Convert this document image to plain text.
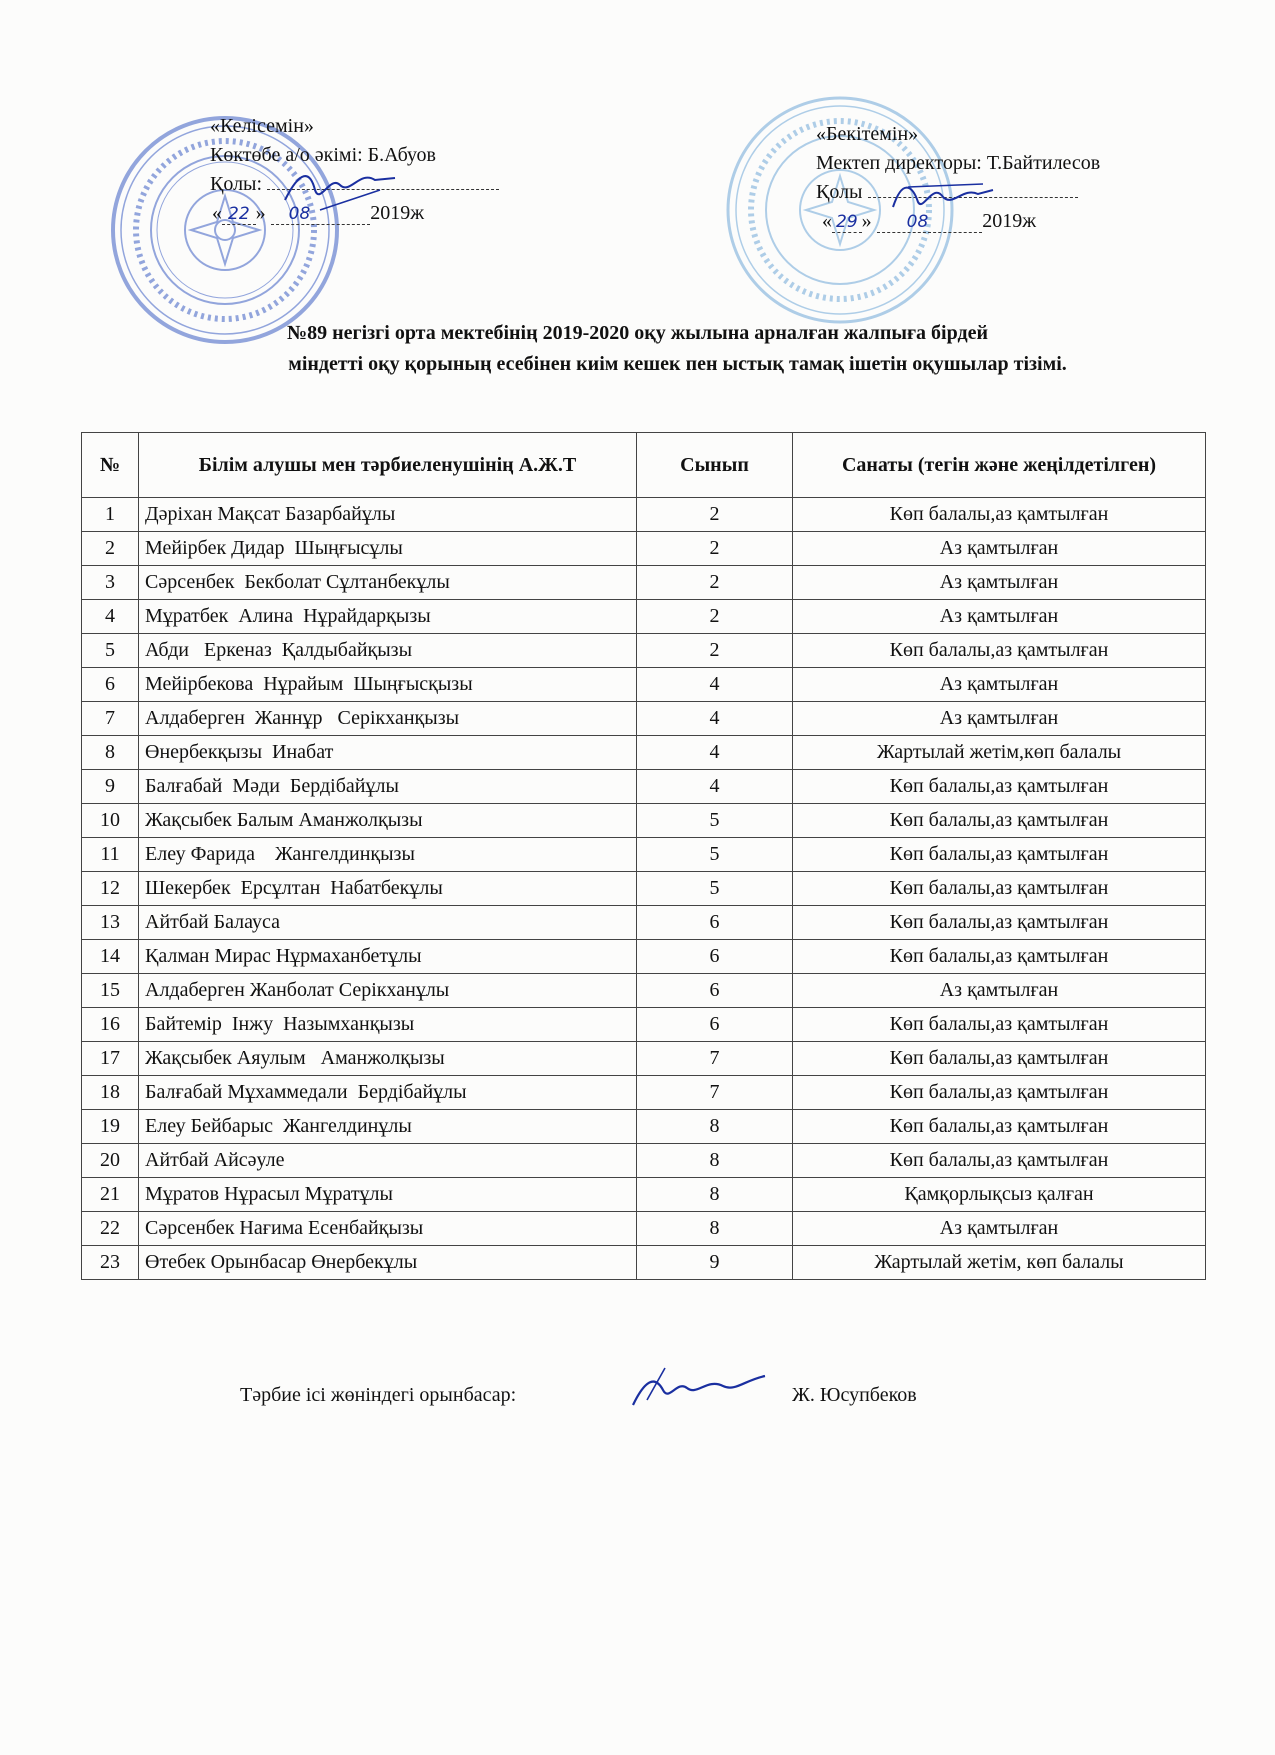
«Келісемін»
Көктөбе а/о әкімі: Б.Абуов
Қолы:
« 22 » 08	2019ж
«Бекітемін»
Мектеп директоры: Т.Байтилесов
Қолы
« 29 » 08	2019ж
№89 негізгі орта мектебінің 2019-2020 оқу жылына арналған жалпыға бірдей
міндетті оқу қорының есебінен киім кешек пен ыстық тамақ ішетін оқушылар тізімі.
№	Білім алушы мен тәрбиеленушінің А.Ж.Т	Сынып	Санаты (тегін және жеңілдетілген)
1	Дәріхан Мақсат Базарбайұлы	2	Көп балалы,аз қамтылған
2	Мейірбек Дидар  Шыңғысұлы	2	Аз қамтылған
3	Сәрсенбек  Бекболат Сұлтанбекұлы	2	Аз қамтылған
4	Мұратбек  Алина  Нұрайдарқызы	2	Аз қамтылған
5	Абди   Еркеназ  Қалдыбайқызы	2	Көп балалы,аз қамтылған
6	Мейірбекова  Нұрайым  Шыңғысқызы	4	Аз қамтылған
7	Алдаберген  Жаннұр   Серікханқызы	4	Аз қамтылған
8	Өнербекқызы  Инабат	4	Жартылай жетім,көп балалы
9	Балғабай  Мәди  Бердібайұлы	4	Көп балалы,аз қамтылған
10	Жақсыбек Балым Аманжолқызы	5	Көп балалы,аз қамтылған
11	Елеу Фарида    Жангелдинқызы	5	Көп балалы,аз қамтылған
12	Шекербек  Ерсұлтан  Набатбекұлы	5	Көп балалы,аз қамтылған
13	Айтбай Балауса	6	Көп балалы,аз қамтылған
14	Қалман Мирас Нұрмаханбетұлы	6	Көп балалы,аз қамтылған
15	Алдаберген Жанболат Серікханұлы	6	Аз қамтылған
16	Байтемір  Інжу  Назымханқызы	6	Көп балалы,аз қамтылған
17	Жақсыбек Аяулым   Аманжолқызы	7	Көп балалы,аз қамтылған
18	Балғабай Мұхаммедали  Бердібайұлы	7	Көп балалы,аз қамтылған
19	Елеу Бейбарыс  Жангелдинұлы	8	Көп балалы,аз қамтылған
20	Айтбай Айсәуле	8	Көп балалы,аз қамтылған
21	Мұратов Нұрасыл Мұратұлы	8	Қамқорлықсыз қалған
22	Сәрсенбек Нағима Есенбайқызы	8	Аз қамтылған
23	Өтебек Орынбасар Өнербекұлы	9	Жартылай жетім, көп балалы
Тәрбие ісі жөніндегі орынбасар:	Ж. Юсупбеков
